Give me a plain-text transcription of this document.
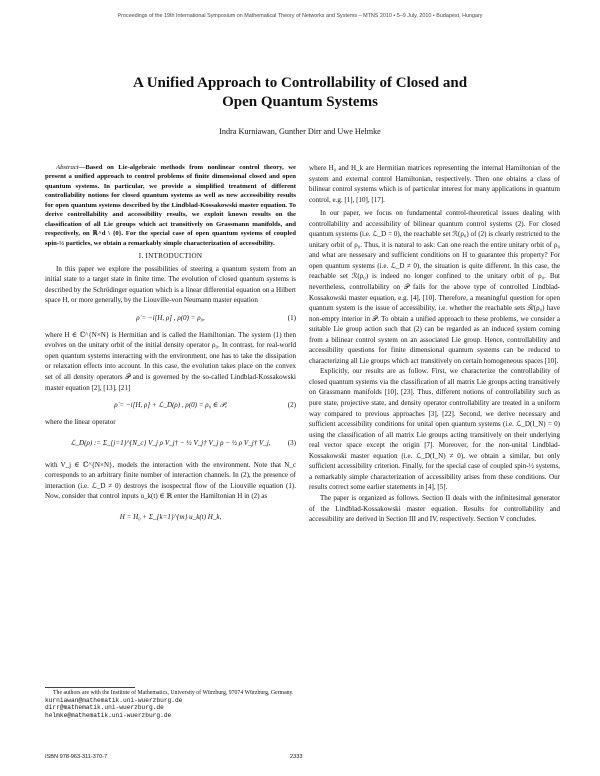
Proceedings of the 19th International Symposium on Mathematical Theory of Networks and Systems – MTNS 2010 • 5–9 July, 2010 • Budapest, Hungary
A Unified Approach to Controllability of Closed and
Open Quantum Systems
Indra Kurniawan, Gunther Dirr and Uwe Helmke

Abstract—Based on Lie-algebraic methods from nonlinear control theory, we present a unified approach to control problems of finite dimensional closed and open quantum systems. In particular, we provide a simplified treatment of different controllability notions for closed quantum systems as well as new accessibility results for open quantum systems described by the Lindblad-Kossakowski master equation. To derive controllability and accessibility results, we exploit known results on the classification of all Lie groups which act transitively on Grassmann manifolds, and respectively, on ℝ^d \ {0}. For the special case of open quantum systems of coupled spin-½ particles, we obtain a remarkably simple characterization of accessibility.

I. INTRODUCTION

In this paper we explore the possibilities of steering a quantum system from an initial state to a target state in finite time. The evolution of closed quantum systems is described by the Schrödinger equation which is a linear differential equation on a Hilbert space H, or more generally, by the Liouville-von Neumann master equation

ρ̇ = −i[H, ρ] , ρ(0) = ρ₀,	(1)

where H ∈ ℂ^{N×N} is Hermitian and is called the Hamiltonian. The system (1) then evolves on the unitary orbit of the initial density operator ρ₀. In contrast, for real-world open quantum systems interacting with the environment, one has to take the dissipation or relaxation effects into account. In this case, the evolution takes place on the convex set of all density operators 𝒫 and is governed by the so-called Lindblad-Kossakowski master equation [2], [13], [21]

ρ̇ = −i[H, ρ] + ℒ_D(ρ) , ρ(0) = ρ₀ ∈ 𝒫,	(2)

where the linear operator

ℒ_D(ρ) := Σ_{j=1}^{N_c} V_j ρ V_j† − ½ V_j† V_j ρ − ½ ρ V_j† V_j,	(3)

with V_j ∈ ℂ^{N×N}, models the interaction with the environment. Note that N_c corresponds to an arbitrary finite number of interaction channels. In (2), the presence of interaction (i.e. ℒ_D ≠ 0) destroys the isospectral flow of the Liouville equation (1). Now, consider that control inputs u_k(t) ∈ ℝ enter the Hamiltonian H in (2) as

H = H₀ + Σ_{k=1}^{m} u_k(t) H_k,
The authors are with the Institute of Mathematics, University of Würzburg, 97074 Würzburg, Germany.
kurniawan@mathematik.uni-wuerzburg.de
dirr@mathematik.uni-wuerzburg.de
helmke@mathematik.uni-wuerzburg.de

where H₀ and H_k are Hermitian matrices representing the internal Hamiltonian of the system and external control Hamiltonian, respectively. Then one obtains a class of bilinear control systems which is of particular interest for many applications in quantum control, e.g. [1], [10], [17].

In our paper, we focus on fundamental control-theoretical issues dealing with controllability and accessibility of bilinear quantum control systems (2). For closed quantum systems (i.e. ℒ_D = 0), the reachable set ℛ(ρ₀) of (2) is clearly restricted to the unitary orbit of ρ₀. Thus, it is natural to ask: Can one reach the entire unitary orbit of ρ₀ and what are nessesary and sufficient conditions on H to guarantee this property? For open quantum systems (i.e. ℒ_D ≠ 0), the situation is quite different. In this case, the reachable set ℛ(ρ₀) is indeed no longer confined to the unitary orbit of ρ₀. But nevertheless, controllability on 𝒫 fails for the above type of controlled Lindblad-Kossakowski master equation, e.g. [4], [10]. Therefore, a meaningful question for open quantum system is the issue of accessibility, i.e. whether the reachable sets ℛ(ρ₀) have non-empty interior in 𝒫. To obtain a unified approach to these problems, we consider a suitable Lie group action such that (2) can be regarded as an induced system coming from a bilinear control system on an associated Lie group. Hence, controllability and accessibility questions for finite dimensional quantum systems can be reduced to characterizing all Lie groups which act transitively on certain homogeneous spaces [10].

Explicitly, our results are as follow. First, we characterize the controllability of closed quantum systems via the classification of all matrix Lie groups acting transitively on Grassmann manifolds [10], [23]. Thus, different notions of controllability such as pure state, projective state, and density operator controllability are treated in a uniform way compared to previous approaches [3], [22]. Second, we derive necessary and sufficient accessibility conditions for unital open quantum systems (i.e. ℒ_D(I_N) = 0) using the classification of all matrix Lie groups acting transitively on their underlying real vector space except the origin [7]. Moreover, for the non-unital Lindblad-Kossakowski master equation (i.e. ℒ_D(I_N) ≠ 0), we obtain a similar, but only sufficient accessibility criterion. Finally, for the special case of coupled spin-½ systems, a remarkably simple characterization of accessibility arises from these conditions. Our results correct some earlier statements in [4], [5].

The paper is organized as follows. Section II deals with the infinitesimal generator of the Lindblad-Kossakowski master equation. Results for controllability and accessibility are derived in Section III and IV, respectively. Section V concludes.

ISBN 978-963-311-370-7	2333
